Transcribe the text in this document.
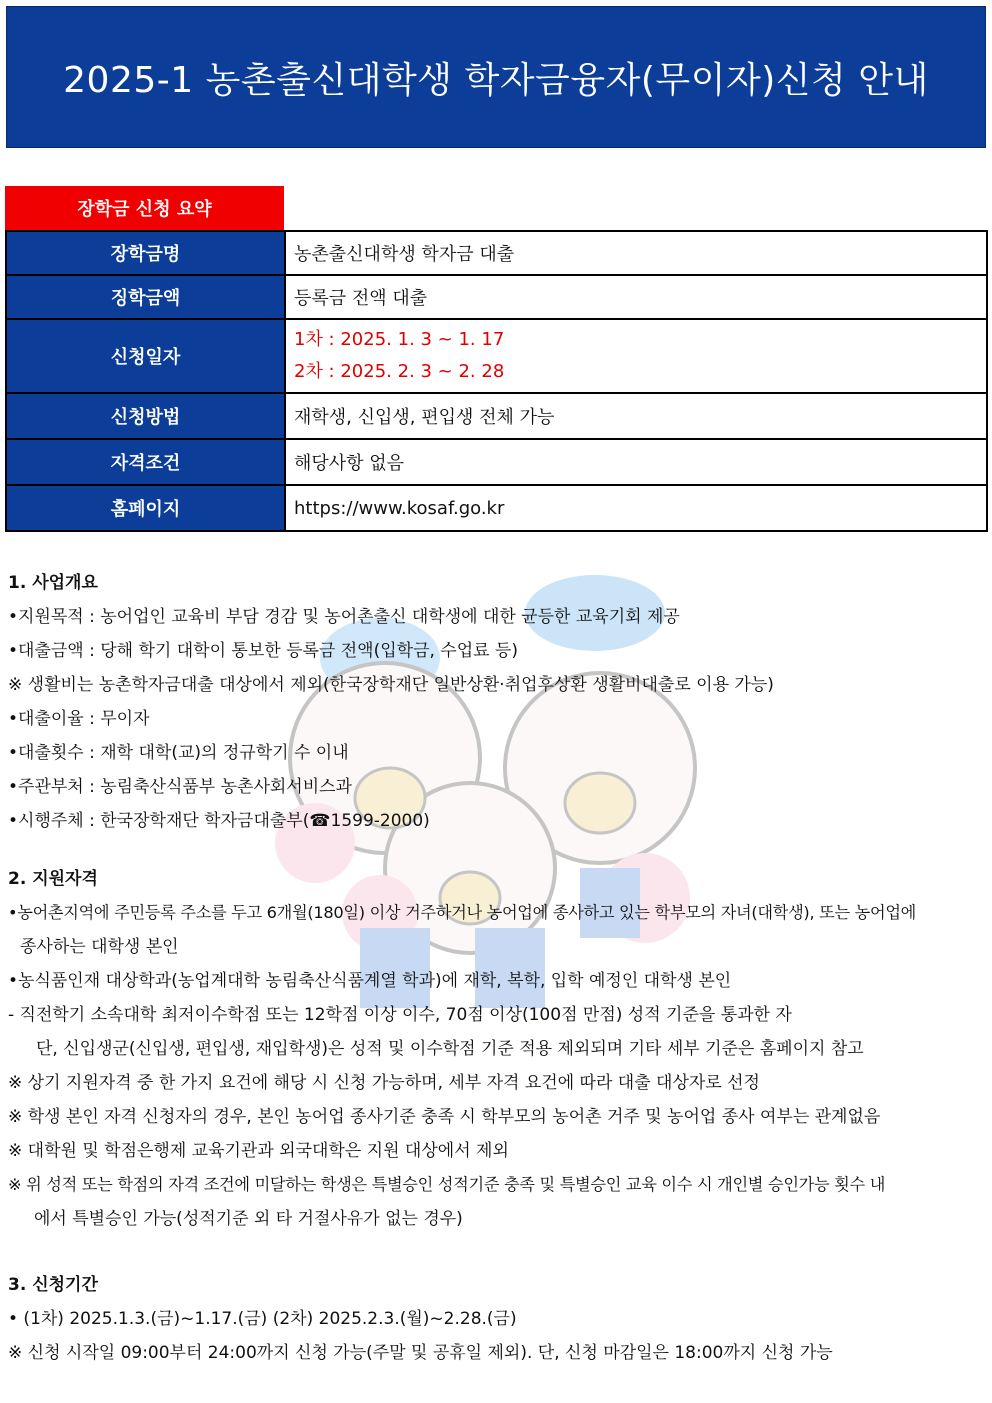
2025-1 농촌출신대학생 학자금융자(무이자)신청 안내
장학금 신청 요약
장학금명	농촌출신대학생 학자금 대출
징학금액	등록금 전액 대출
신청일자	1차 : 2025. 1. 3 ~ 1. 17
2차 : 2025. 2. 3 ~ 2. 28

신청방법	재학생, 신입생, 편입생 전체 가능
자격조건	해당사항 없음
홈페이지	https://www.kosaf.go.kr

1. 사업개요

•지원목적 : 농어업인 교육비 부담 경감 및 농어촌출신 대학생에 대한 균등한 교육기회 제공

•대출금액 : 당해 학기 대학이 통보한 등록금 전액(입학금, 수업료 등)

※ 생활비는 농촌학자금대출 대상에서 제외(한국장학재단 일반상환·취업후상환 생활비대출로 이용 가능)

•대출이율 : 무이자

•대출횟수 : 재학 대학(교)의 정규학기 수 이내

•주관부처 : 농림축산식품부 농촌사회서비스과

•시행주체 : 한국장학재단 학자금대출부(☎1599-2000)

2. 지원자격

•농어촌지역에 주민등록 주소를 두고 6개월(180일) 이상 거주하거나 농어업에 종사하고 있는 학부모의 자녀(대학생), 또는 농어업에

종사하는 대학생 본인

•농식품인재 대상학과(농업계대학 농림축산식품계열 학과)에 재학, 복학, 입학 예정인 대학생 본인

- 직전학기 소속대학 최저이수학점 또는 12학점 이상 이수, 70점 이상(100점 만점) 성적 기준을 통과한 자

단, 신입생군(신입생, 편입생, 재입학생)은 성적 및 이수학점 기준 적용 제외되며 기타 세부 기준은 홈페이지 참고

※ 상기 지원자격 중 한 가지 요건에 해당 시 신청 가능하며, 세부 자격 요건에 따라 대출 대상자로 선정

※ 학생 본인 자격 신청자의 경우, 본인 농어업 종사기준 충족 시 학부모의 농어촌 거주 및 농어업 종사 여부는 관계없음

※ 대학원 및 학점은행제 교육기관과 외국대학은 지원 대상에서 제외

※ 위 성적 또는 학점의 자격 조건에 미달하는 학생은 특별승인 성적기준 충족 및 특별승인 교육 이수 시 개인별 승인가능 횟수 내

에서 특별승인 가능(성적기준 외 타 거절사유가 없는 경우)

3. 신청기간

• (1차) 2025.1.3.(금)~1.17.(금) (2차) 2025.2.3.(월)~2.28.(금)

※ 신청 시작일 09:00부터 24:00까지 신청 가능(주말 및 공휴일 제외). 단, 신청 마감일은 18:00까지 신청 가능
